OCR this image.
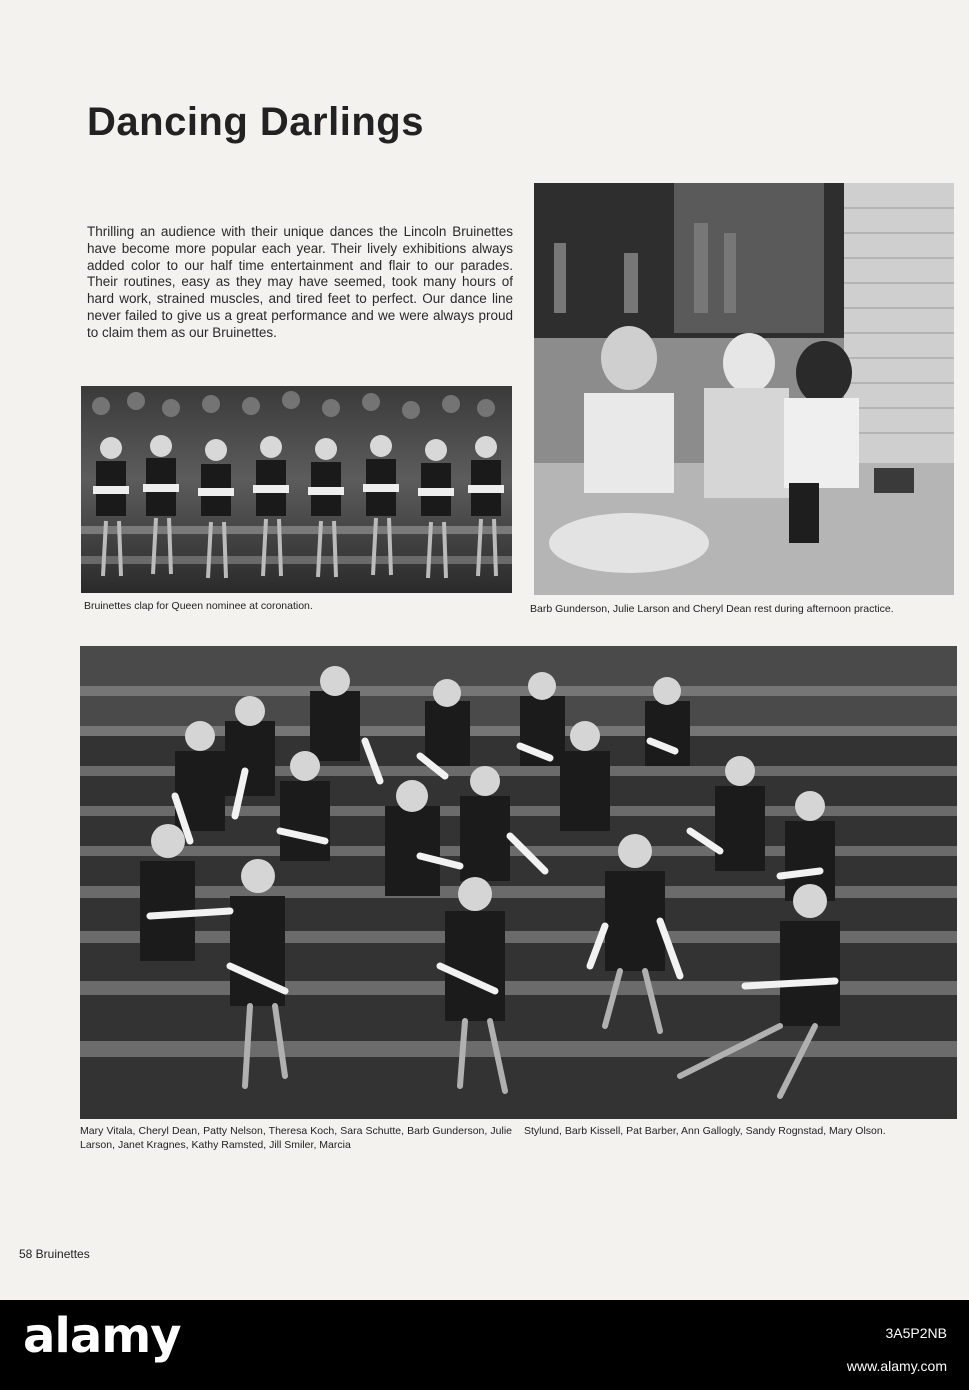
Dancing Darlings

Thrilling an audience with their unique dances the Lincoln Bruinettes have become more popular each year. Their lively exhibitions always added color to our half time entertainment and flair to our parades. Their routines, easy as they may have seemed, took many hours of hard work, strained muscles, and tired feet to perfect. Our dance line never failed to give us a great performance and we were always proud to claim them as our Bruinettes.

Bruinettes clap for Queen nominee at coronation.	Barb Gunderson, Julie Larson and Cheryl Dean rest during afternoon practice.

Mary Vitala, Cheryl Dean, Patty Nelson, Theresa Koch, Sara Schutte, Barb Gunderson, Julie Larson, Janet Kragnes, Kathy Ramsted, Jill Smiler, Marcia

Stylund, Barb Kissell, Pat Barber, Ann Gallogly, Sandy Rognstad, Mary Olson.

58 Bruinettes

alamy	3A5P2NB
www.alamy.com
